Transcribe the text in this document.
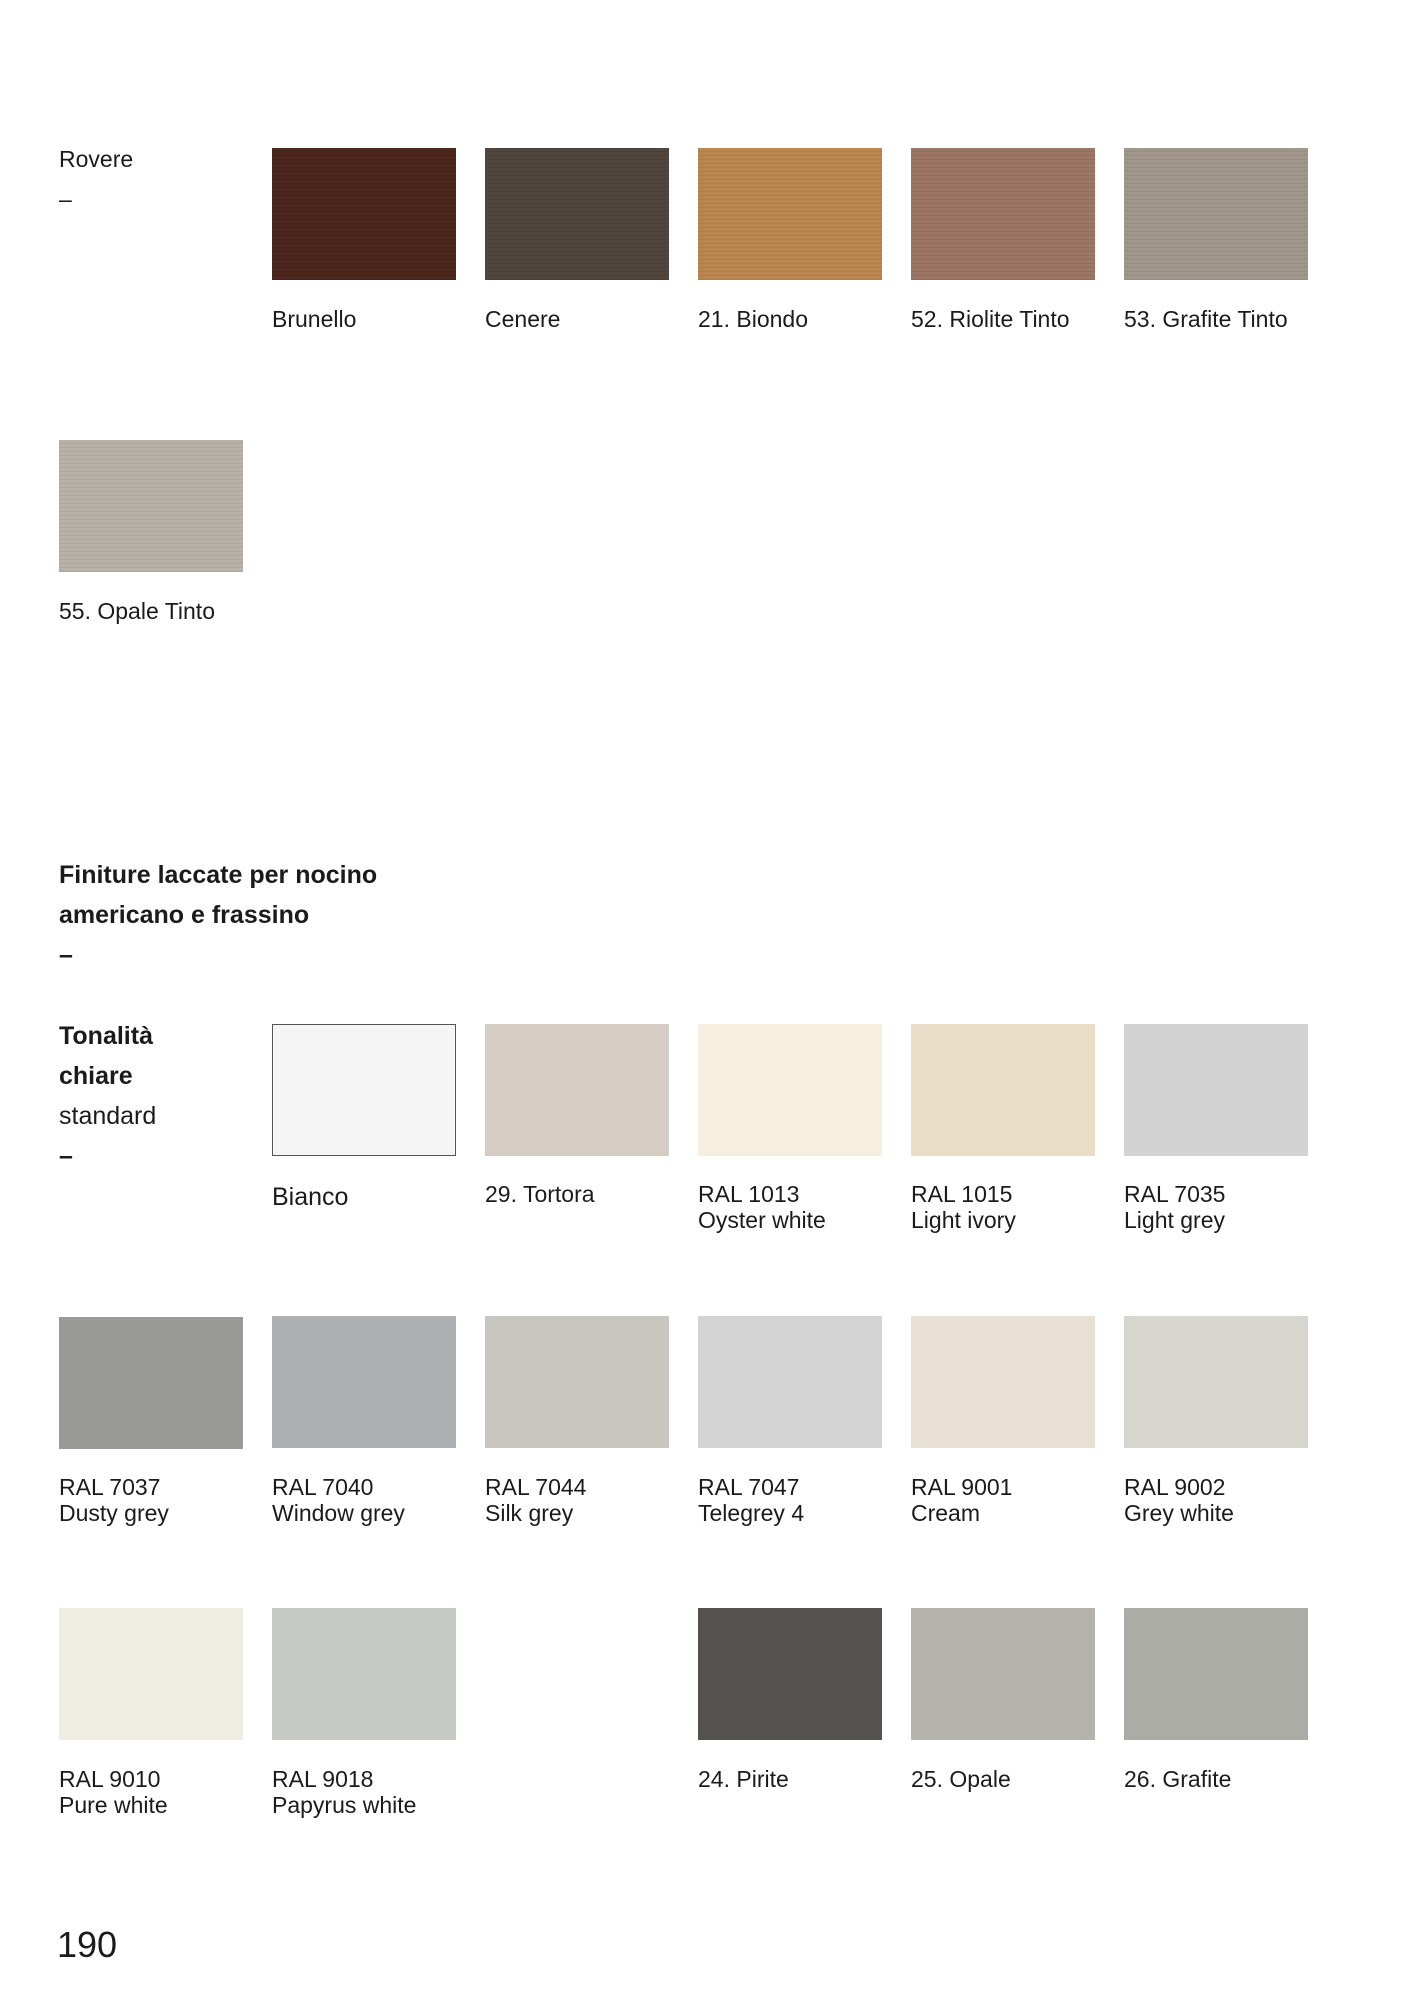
Rovere
–
Brunello	Cenere	21. Biondo	52. Riolite Tinto	53. Grafite Tinto
55. Opale Tinto
Finiture laccate per nocino
americano e frassino
–
Tonalità
chiare
standard
–
Bianco	29. Tortora	RAL 1013
Oyster white
RAL 1015
Light ivory
RAL 7035
Light grey
RAL 7037
Dusty grey
RAL 7040
Window grey
RAL 7044
Silk grey
RAL 7047
Telegrey 4
RAL 9001
Cream
RAL 9002
Grey white
RAL 9010
Pure white
RAL 9018
Papyrus white
24. Pirite	25. Opale	26. Grafite
190
